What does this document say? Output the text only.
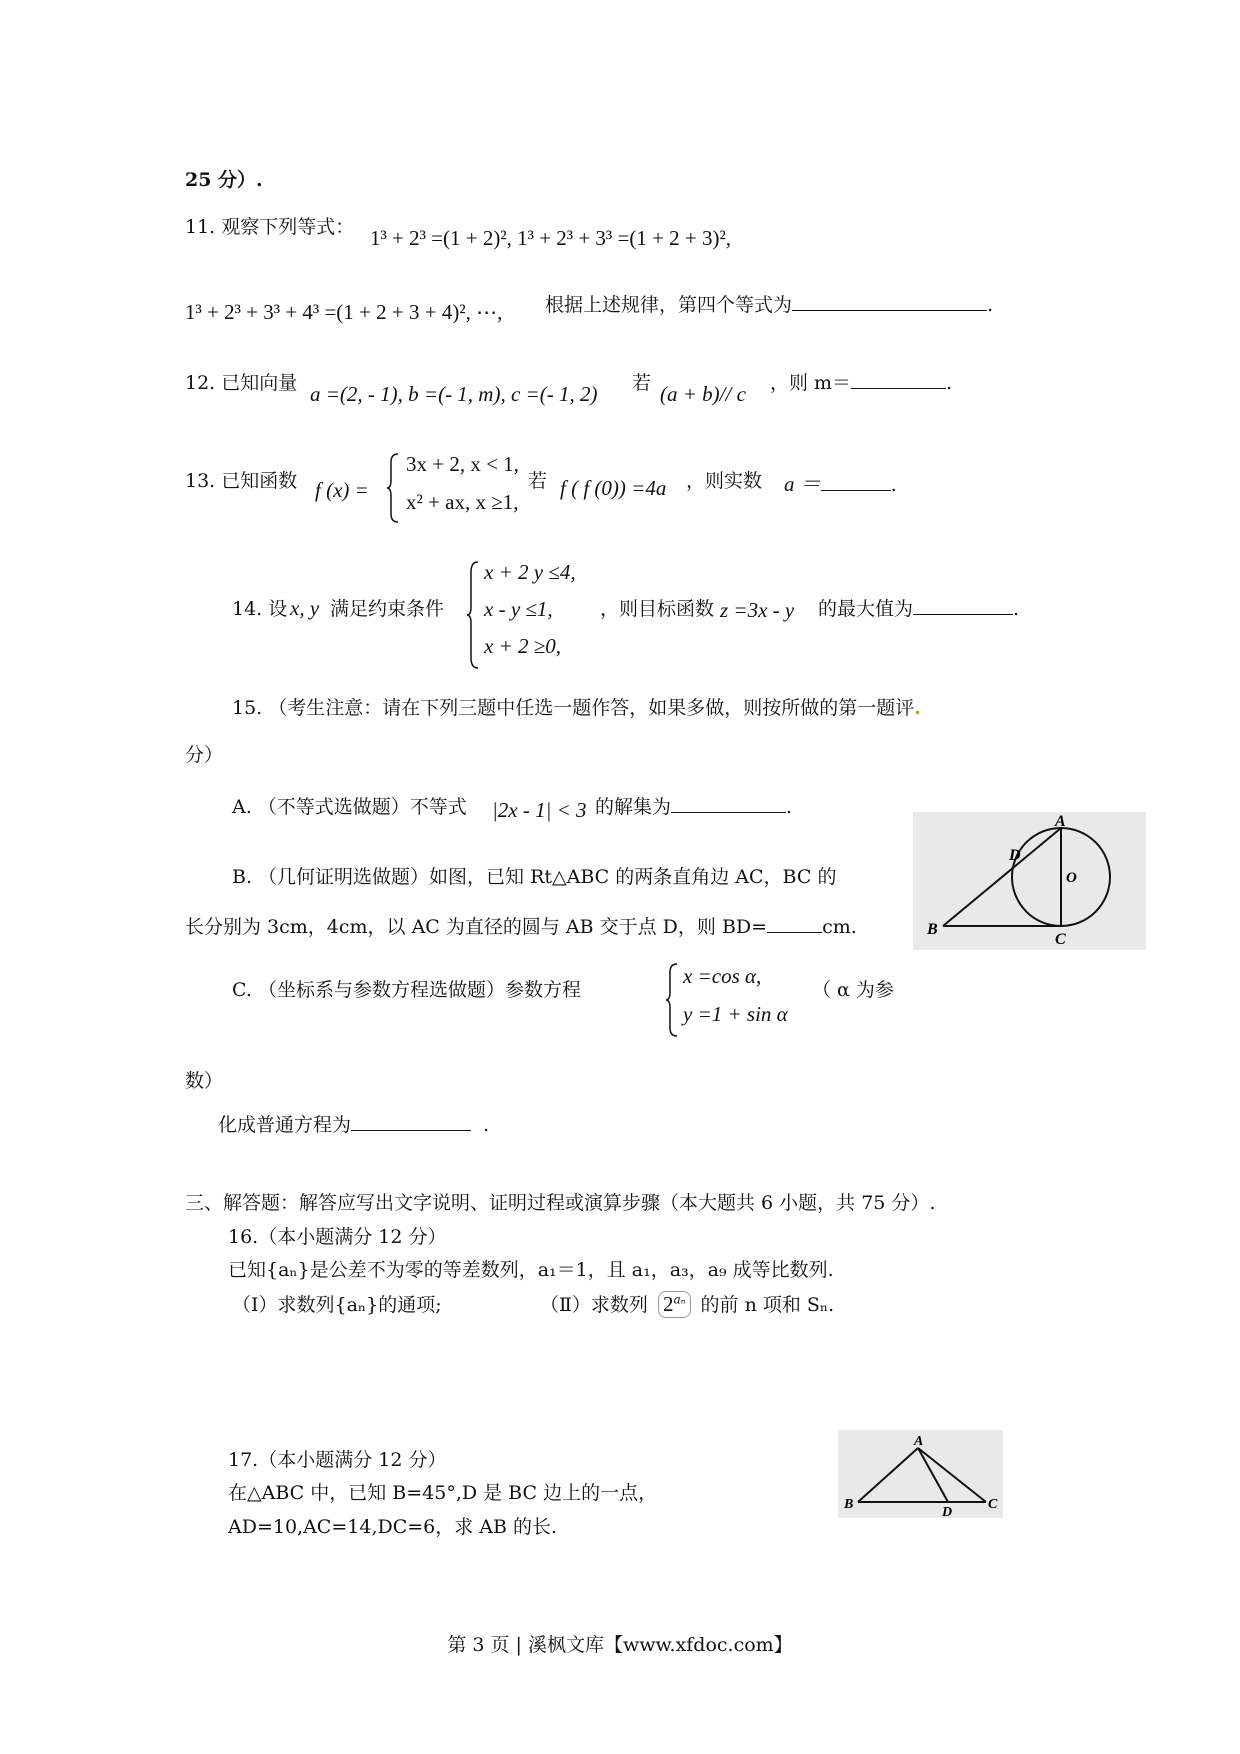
25 分）.
11. 观察下列等式： 1³ + 2³ =(1 + 2)², 1³ + 2³ + 3³ =(1 + 2 + 3)²,
1³ + 2³ + 3³ + 4³ =(1 + 2 + 3 + 4)², ⋯, 根据上述规律，第四个等式为	.
12. 已知向量 a =(2, - 1), b =(- 1, m), c =(- 1, 2) 若 (a + b)// c ，则 m＝	.
13. 已知函数 f (x) =
3x + 2, x < 1,
x² + ax, x ≥1,
若 f ( f (0)) =4a ，则实数 a ＝	.
14. 设 x, y 满足约束条件
x + 2 y ≤4,
x - y ≤1,
x + 2 ≥0,
，则目标函数 z =3x - y 的最大值为	.
15. （考生注意：请在下列三题中任选一题作答，如果多做，则按所做的第一题评.
分）
A. （不等式选做题）不等式 |2x - 1| < 3 的解集为	.
B. （几何证明选做题）如图，已知 Rt△ABC 的两条直角边 AC，BC 的
长分别为 3cm，4cm，以 AC 为直径的圆与 AB 交于点 D，则 BD=	cm.
A
D
O
B
C
C. （坐标系与参数方程选做题）参数方程
x =cos α,
y =1 + sin α
（ α 为参
数）
化成普通方程为	.
三、解答题：解答应写出文字说明、证明过程或演算步骤（本大题共 6 小题，共 75 分）.
16.（本小题满分 12 分）
已知{aₙ}是公差不为零的等差数列，a₁＝1，且 a₁，a₃，a₉ 成等比数列.
（Ⅰ）求数列{aₙ}的通项;	（Ⅱ）求数列 $2^{a_n}$ 的前 n 项和 Sₙ.
17.（本小题满分 12 分）
在△ABC 中，已知 B=45°,D 是 BC 边上的一点，
AD=10,AC=14,DC=6，求 AB 的长.
A
B
D
C
第 3 页 | 溪枫文库【www.xfdoc.com】
